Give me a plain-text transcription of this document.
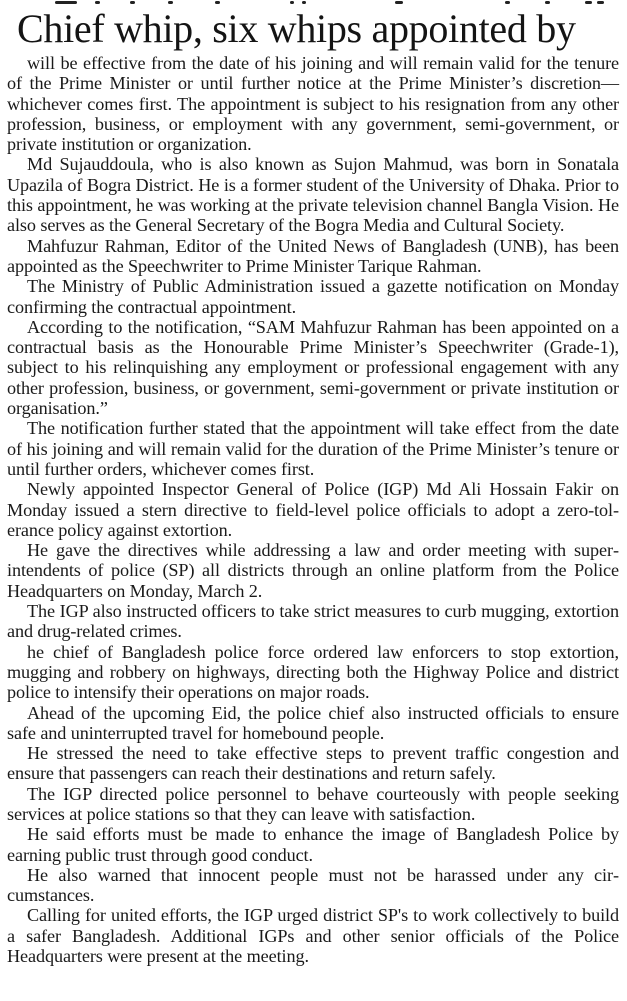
Chief whip, six whips appointed by

will be effective from the date of his joining and will remain valid for the tenure of the Prime Minister or until further notice at the Prime Minister’s discretion—whichever comes first. The appointment is subject to his resignation from any other profession, business, or employment with any government, semi-government, or private institution or organization.

Md Sujauddoula, who is also known as Sujon Mahmud, was born in Sonatala Upazila of Bogra District. He is a former student of the University of Dhaka. Prior to this appointment, he was working at the private television channel Bangla Vision. He also serves as the General Secretary of the Bogra Media and Cultural Society.

Mahfuzur Rahman, Editor of the United News of Bangladesh (UNB), has been appointed as the Speechwriter to Prime Minister Tarique Rahman.

The Ministry of Public Administration issued a gazette notification on Monday confirming the contractual appointment.

According to the notification, “SAM Mahfuzur Rahman has been appointed on a contractual basis as the Honourable Prime Minister’s Speechwriter (Grade-1), subject to his relinquishing any employment or professional engagement with any other profession, business, or government, semi-government or private institution or organisation.”

The notification further stated that the appointment will take effect from the date of his joining and will remain valid for the duration of the Prime Minister’s tenure or until further orders, whichever comes first.

Newly appointed Inspector General of Police (IGP) Md Ali Hossain Fakir on Monday issued a stern directive to field-level police officials to adopt a zero-tolerance policy against extortion.

He gave the directives while addressing a law and order meeting with superintendents of police (SP) all districts through an online platform from the Police Headquarters on Monday, March 2.

The IGP also instructed officers to take strict measures to curb mugging, extortion and drug-related crimes.

he chief of Bangladesh police force ordered law enforcers to stop extortion, mugging and robbery on highways, directing both the Highway Police and district police to intensify their operations on major roads.

Ahead of the upcoming Eid, the police chief also instructed officials to ensure safe and uninterrupted travel for homebound people.

He stressed the need to take effective steps to prevent traffic congestion and ensure that passengers can reach their destinations and return safely.

The IGP directed police personnel to behave courteously with people seeking services at police stations so that they can leave with satisfaction.

He said efforts must be made to enhance the image of Bangladesh Police by earning public trust through good conduct.

He also warned that innocent people must not be harassed under any circumstances.

Calling for united efforts, the IGP urged district SP's to work collectively to build a safer Bangladesh. Additional IGPs and other senior officials of the Police Headquarters were present at the meeting.
